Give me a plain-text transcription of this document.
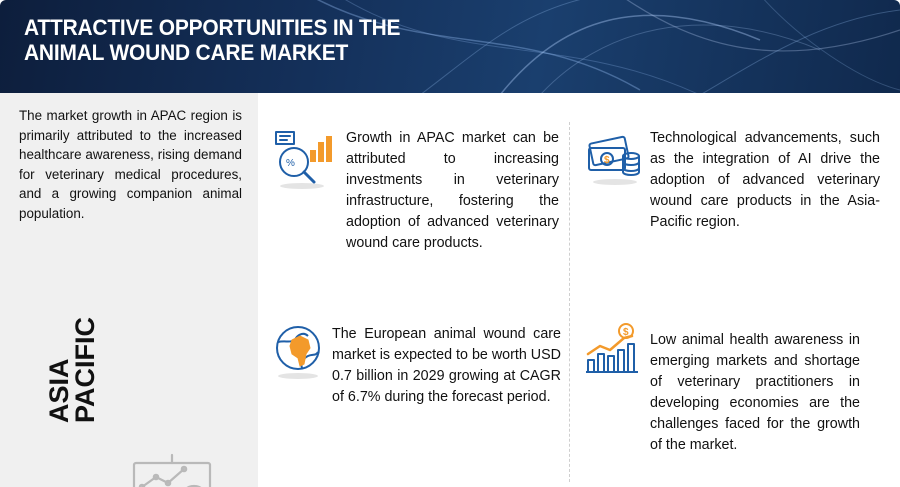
ATTRACTIVE OPPORTUNITIES IN THE
ANIMAL WOUND CARE MARKET

The market growth in APAC region is primarily attributed to the increased healthcare awareness, rising demand for veterinary medical procedures, and a growing companion animal population.

ASIA
PACIFIC
%

Growth in APAC market can be attributed to increasing investments in veterinary infrastructure, fostering the adoption of advanced veterinary wound care products.

$

Technological advancements, such as the integration of AI drive the adoption of advanced veterinary wound care products in the Asia-Pacific region.

The European animal wound care market is expected to be worth USD 0.7 billion in 2029 growing at CAGR of 6.7% during the forecast period.

$ Low animal health awareness in emerging markets and shortage of veterinary practitioners in developing economies are the challenges faced for the growth of the market.
